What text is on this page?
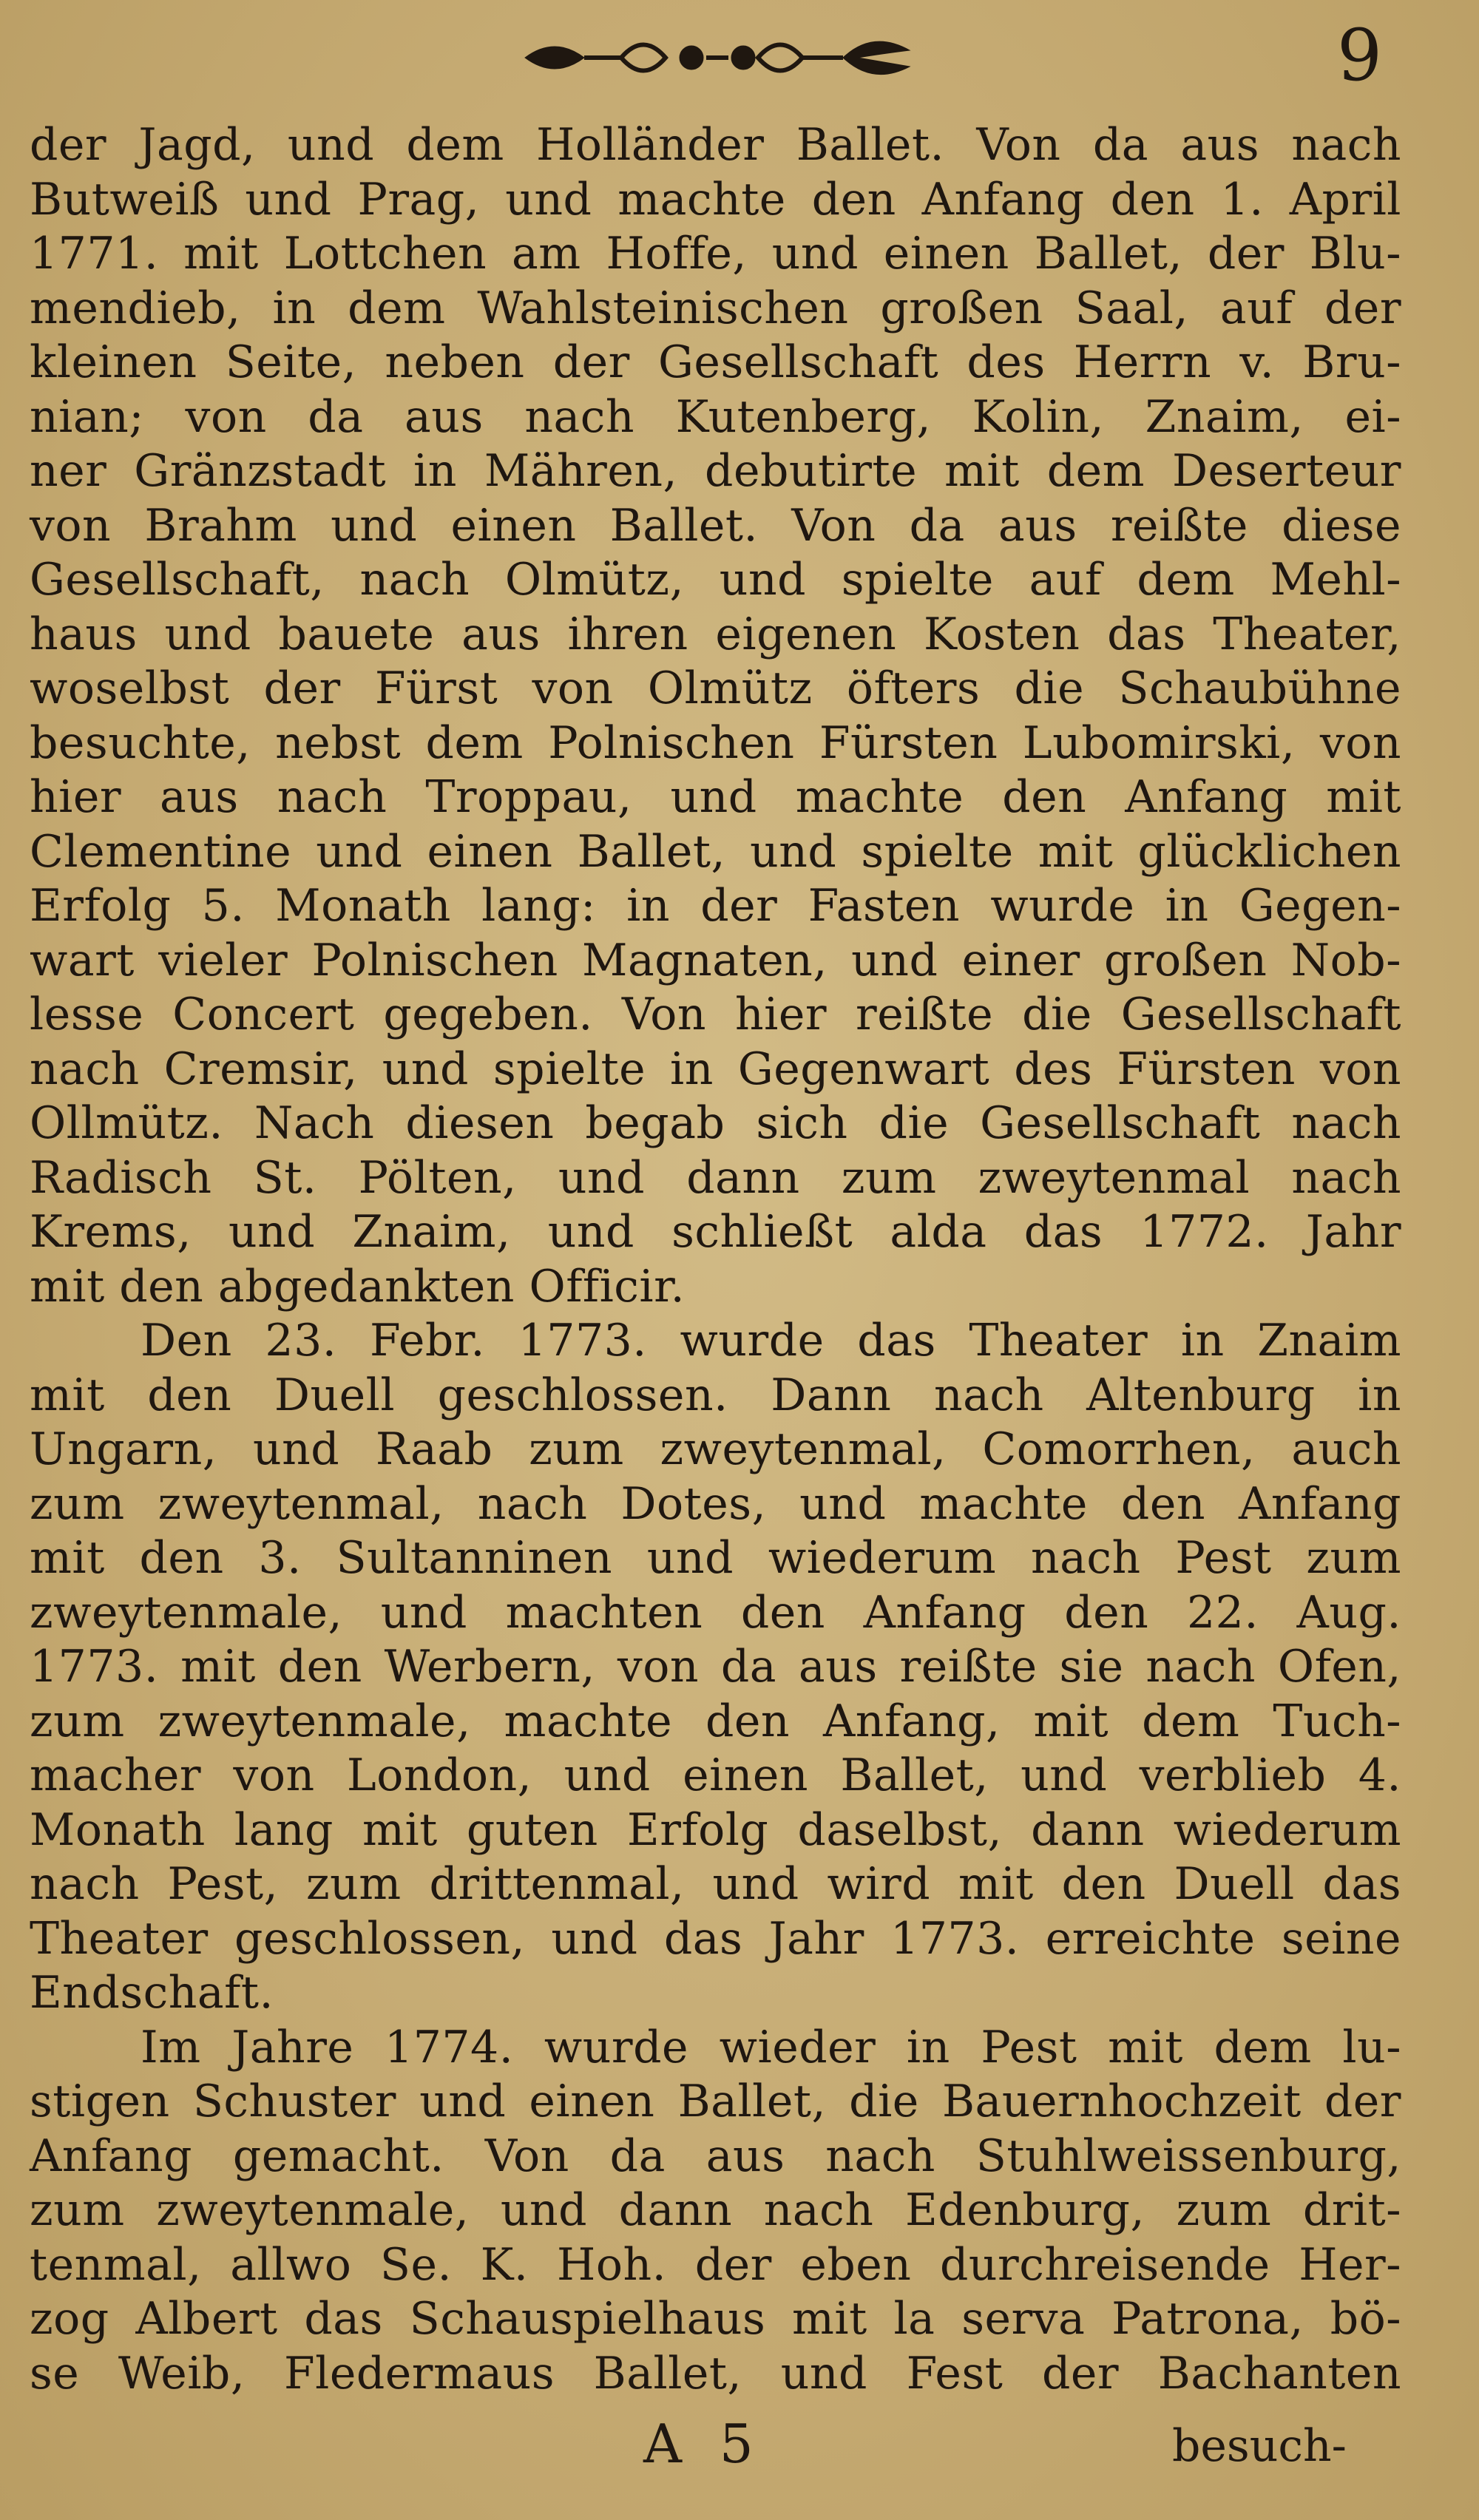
9
der Jagd, und dem Holländer Ballet. Von da aus nach
Butweiß und Prag, und machte den Anfang den 1. April
1771. mit Lottchen am Hoffe, und einen Ballet, der Blu-
mendieb, in dem Wahlsteinischen großen Saal, auf der
kleinen Seite, neben der Gesellschaft des Herrn v. Bru-
nian; von da aus nach Kutenberg, Kolin, Znaim, ei-
ner Gränzstadt in Mähren, debutirte mit dem Deserteur
von Brahm und einen Ballet. Von da aus reißte diese
Gesellschaft, nach Olmütz, und spielte auf dem Mehl-
haus und bauete aus ihren eigenen Kosten das Theater,
woselbst der Fürst von Olmütz öfters die Schaubühne
besuchte, nebst dem Polnischen Fürsten Lubomirski, von
hier aus nach Troppau, und machte den Anfang mit
Clementine und einen Ballet, und spielte mit glücklichen
Erfolg 5. Monath lang: in der Fasten wurde in Gegen-
wart vieler Polnischen Magnaten, und einer großen Nob-
lesse Concert gegeben. Von hier reißte die Gesellschaft
nach Cremsir, und spielte in Gegenwart des Fürsten von
Ollmütz. Nach diesen begab sich die Gesellschaft nach
Radisch St. Pölten, und dann zum zweytenmal nach
Krems, und Znaim, und schließt alda das 1772. Jahr
mit den abgedankten Officir.
Den 23. Febr. 1773. wurde das Theater in Znaim
mit den Duell geschlossen. Dann nach Altenburg in
Ungarn, und Raab zum zweytenmal, Comorrhen, auch
zum zweytenmal, nach Dotes, und machte den Anfang
mit den 3. Sultanninen und wiederum nach Pest zum
zweytenmale, und machten den Anfang den 22. Aug.
1773. mit den Werbern, von da aus reißte sie nach Ofen,
zum zweytenmale, machte den Anfang, mit dem Tuch-
macher von London, und einen Ballet, und verblieb 4.
Monath lang mit guten Erfolg daselbst, dann wiederum
nach Pest, zum drittenmal, und wird mit den Duell das
Theater geschlossen, und das Jahr 1773. erreichte seine
Endschaft.
Im Jahre 1774. wurde wieder in Pest mit dem lu-
stigen Schuster und einen Ballet, die Bauernhochzeit der
Anfang gemacht. Von da aus nach Stuhlweissenburg,
zum zweytenmale, und dann nach Edenburg, zum drit-
tenmal, allwo Se. K. Hoh. der eben durchreisende Her-
zog Albert das Schauspielhaus mit la serva Patrona, bö-
se Weib, Fledermaus Ballet, und Fest der Bachanten
A 5	besuch-
